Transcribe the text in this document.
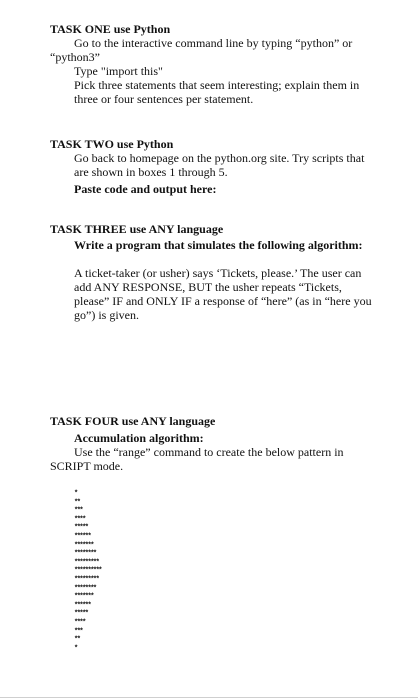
TASK ONE use Python

Go to the interactive command line by typing “python” or

“python3”

Type "import this"

Pick three statements that seem interesting; explain them in three or four sentences per statement.

TASK TWO use Python

Go back to homepage on the python.org site. Try scripts that are shown in boxes 1 through 5.

Paste code and output here:

TASK THREE use ANY language

Write a program that simulates the following algorithm:

A ticket-taker (or usher) says ‘Tickets, please.’ The user can add ANY RESPONSE, BUT the usher repeats “Tickets, please” IF and ONLY IF a response of “here” (as in “here you go”) is given.

TASK FOUR use ANY language

Accumulation algorithm:

Use the “range” command to create the below pattern in

SCRIPT mode.

*
**
***
****
*****
******
*******
********
*********
**********
*********
********
*******
******
*****
****
***
**
*
